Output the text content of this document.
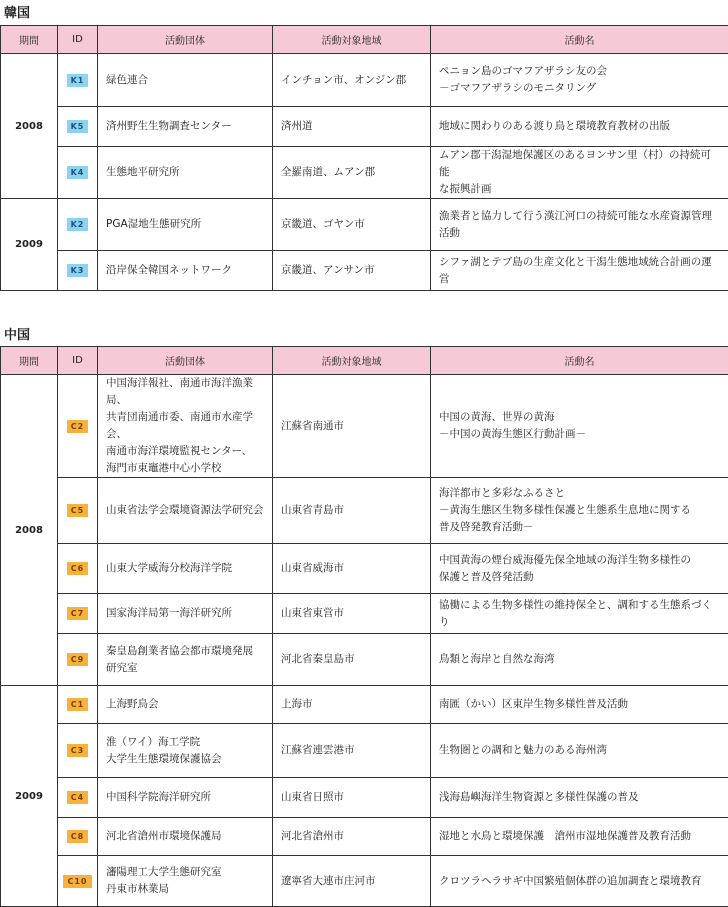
韓国
期間	ID	活動団体	活動対象地域	活動名
2008	K1	緑色連合	インチョン市、オンジン郡	ペニョン島のゴマフアザラシ友の会
－ゴマフアザラシのモニタリング
	K5	済州野生生物調査センター	済州道	地域に関わりのある渡り鳥と環境教育教材の出版
	K4	生態地平研究所	全羅南道、ムアン郡	ムアン郡干潟湿地保護区のあるヨンサン里（村）の持続可能
な振興計画
2009	K2	PGA湿地生態研究所	京畿道、ゴヤン市	漁業者と協力して行う漢江河口の持続可能な水産資源管理
活動
	K3	沿岸保全韓国ネットワーク	京畿道、アンサン市	シファ湖とテブ島の生産文化と干潟生態地域統合計画の運営
中国
期間	ID	活動団体	活動対象地域	活動名
2008	C2	中国海洋報社、南通市海洋漁業局、
共青団南通市委、南通市水産学会、
南通市海洋環境監視センター、
海門市東竈港中心小学校	江蘇省南通市	中国の黄海、世界の黄海
－中国の黄海生態区行動計画－
	C5	山東省法学会環境資源法学研究会	山東省青島市	海洋都市と多彩なふるさと
－黄海生態区生物多様性保護と生態系生息地に関する
普及啓発教育活動－
	C6	山東大学威海分校海洋学院	山東省威海市	中国黄海の煙台威海優先保全地域の海洋生物多様性の
保護と普及啓発活動
	C7	国家海洋局第一海洋研究所	山東省東営市	協働による生物多様性の維持保全と、調和する生態系づくり
	C9	秦皇島創業者協会都市環境発展
研究室	河北省秦皇島市	鳥類と海岸と自然な海湾
2009	C1	上海野鳥会	上海市	南匯（かい）区東岸生物多様性普及活動
	C3	淮（ワイ）海工学院
大学生生態環境保護協会	江蘇省連雲港市	生物圏との調和と魅力のある海州湾
	C4	中国科学院海洋研究所	山東省日照市	浅海島嶼海洋生物資源と多様性保護の普及
	C8	河北省滄州市環境保護局	河北省滄州市	湿地と水鳥と環境保護　滄州市湿地保護普及教育活動
	C10	瀋陽理工大学生態研究室
丹東市林業局	遼寧省大連市庄河市	クロツラヘラサギ中国繁殖個体群の追加調査と環境教育
